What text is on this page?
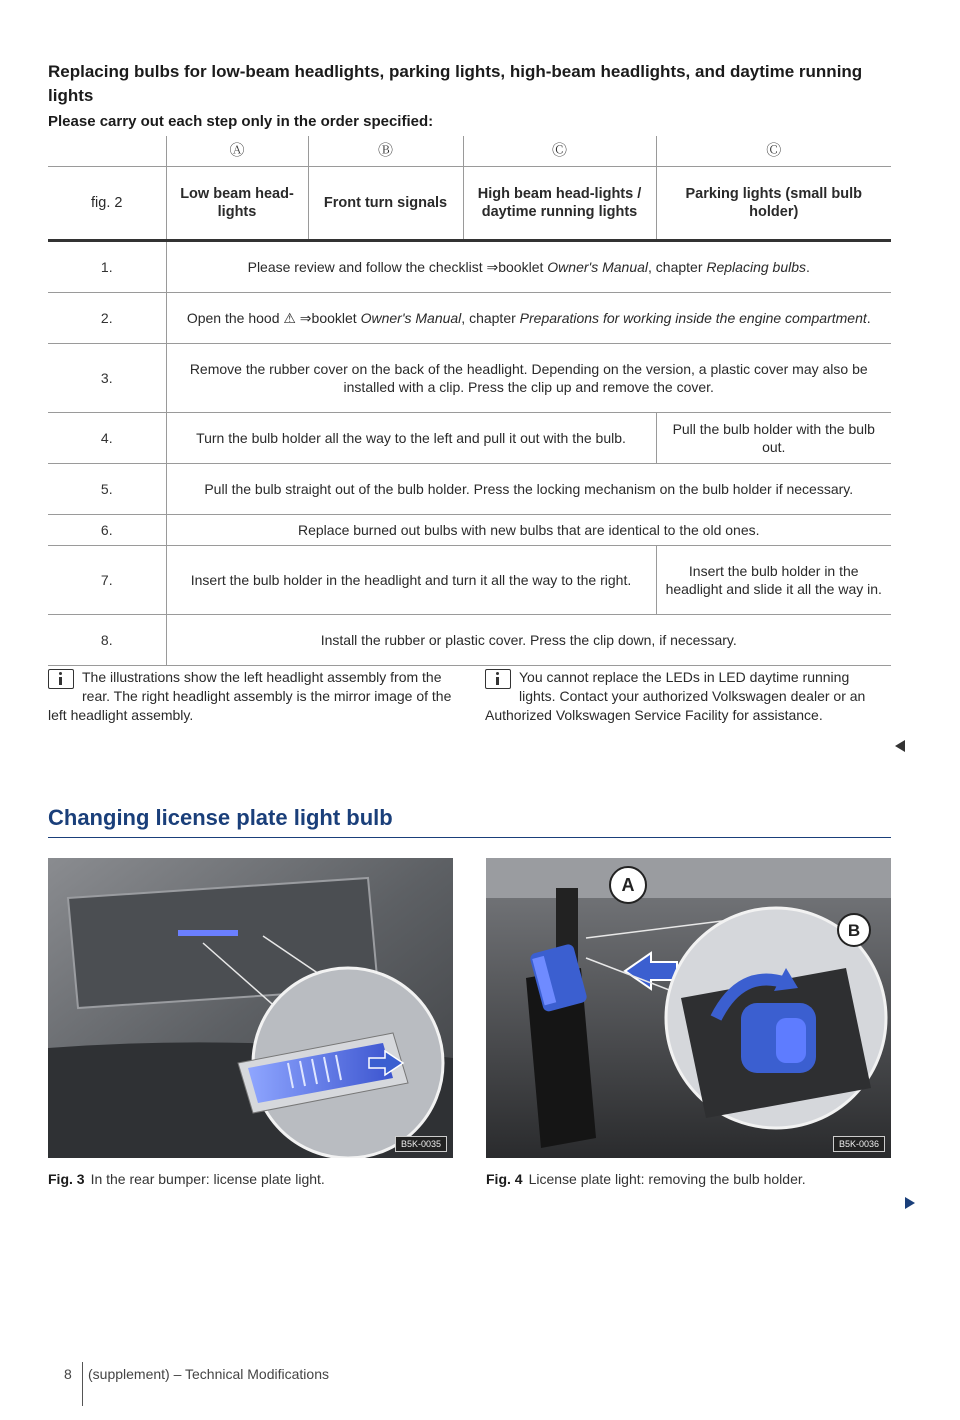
Replacing bulbs for low-beam headlights, parking lights, high-beam headlights, and daytime running lights
Please carry out each step only in the order specified:
	Ⓐ	Ⓑ	Ⓒ	Ⓒ
fig. 2	Low beam head-lights	Front turn signals	High beam head-lights / daytime running lights	Parking lights (small bulb holder)
1.	Please review and follow the checklist ⇒booklet Owner's Manual, chapter Replacing bulbs.			
2.	Open the hood ⚠ ⇒booklet Owner's Manual, chapter Preparations for working inside the engine compartment.			
3.	Remove the rubber cover on the back of the headlight. Depending on the version, a plastic cover may also be installed with a clip. Press the clip up and remove the cover.			
4.	Turn the bulb holder all the way to the left and pull it out with the bulb.			Pull the bulb holder with the bulb out.
5.	Pull the bulb straight out of the bulb holder. Press the locking mechanism on the bulb holder if necessary.			
6.	Replace burned out bulbs with new bulbs that are identical to the old ones.			
7.	Insert the bulb holder in the headlight and turn it all the way to the right.			Insert the bulb holder in the headlight and slide it all the way in.
8.	Install the rubber or plastic cover. Press the clip down, if necessary.			
The illustrations show the left headlight assembly from the rear. The right headlight assembly is the mirror image of the left headlight assembly.
You cannot replace the LEDs in LED daytime running lights. Contact your authorized Volkswagen dealer or an Authorized Volkswagen Service Facility for assistance.
Changing license plate light bulb
B5K-0035
A
B
B5K-0036
Fig. 3 In the rear bumper: license plate light.	Fig. 4 License plate light: removing the bulb holder.
8 (supplement) – Technical Modifications
